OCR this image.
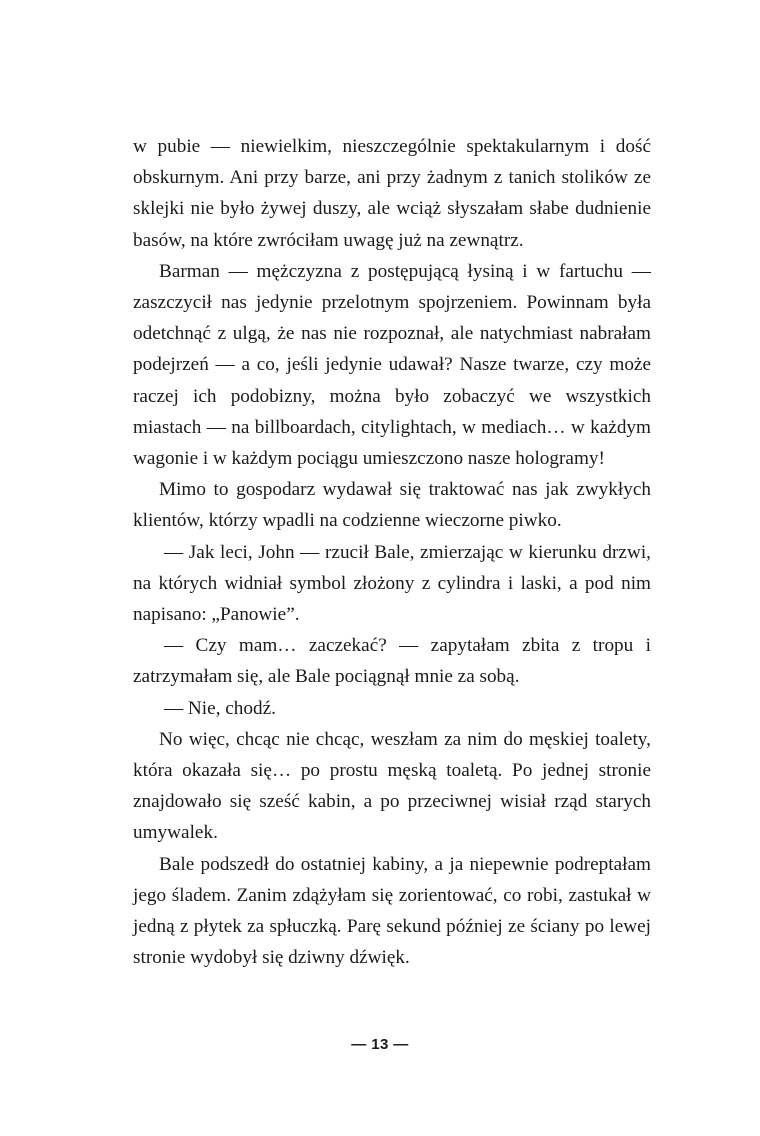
w pubie — niewielkim, nieszczególnie spektakularnym i dość obskurnym. Ani przy barze, ani przy żadnym z tanich stolików ze sklejki nie było żywej duszy, ale wciąż słyszałam słabe dudnienie basów, na które zwróciłam uwagę już na zewnątrz.

Barman — mężczyzna z postępującą łysiną i w fartuchu — zaszczycił nas jedynie przelotnym spojrzeniem. Powinnam była odetchnąć z ulgą, że nas nie rozpoznał, ale natychmiast nabrałam podejrzeń — a co, jeśli jedynie udawał? Nasze twarze, czy może raczej ich podobizny, można było zobaczyć we wszystkich miastach — na billboardach, citylightach, w mediach… w każdym wagonie i w każdym pociągu umieszczono nasze hologramy!

Mimo to gospodarz wydawał się traktować nas jak zwykłych klientów, którzy wpadli na codzienne wieczorne piwko.

— Jak leci, John — rzucił Bale, zmierzając w kierunku drzwi, na których widniał symbol złożony z cylindra i laski, a pod nim napisano: „Panowie”.

— Czy mam… zaczekać? — zapytałam zbita z tropu i zatrzymałam się, ale Bale pociągnął mnie za sobą.

— Nie, chodź.

No więc, chcąc nie chcąc, weszłam za nim do męskiej toalety, która okazała się… po prostu męską toaletą. Po jednej stronie znajdowało się sześć kabin, a po przeciwnej wisiał rząd starych umywalek.

Bale podszedł do ostatniej kabiny, a ja niepewnie podreptałam jego śladem. Zanim zdążyłam się zorientować, co robi, zastukał w jedną z płytek za spłuczką. Parę sekund później ze ściany po lewej stronie wydobył się dziwny dźwięk.

— 13 —
